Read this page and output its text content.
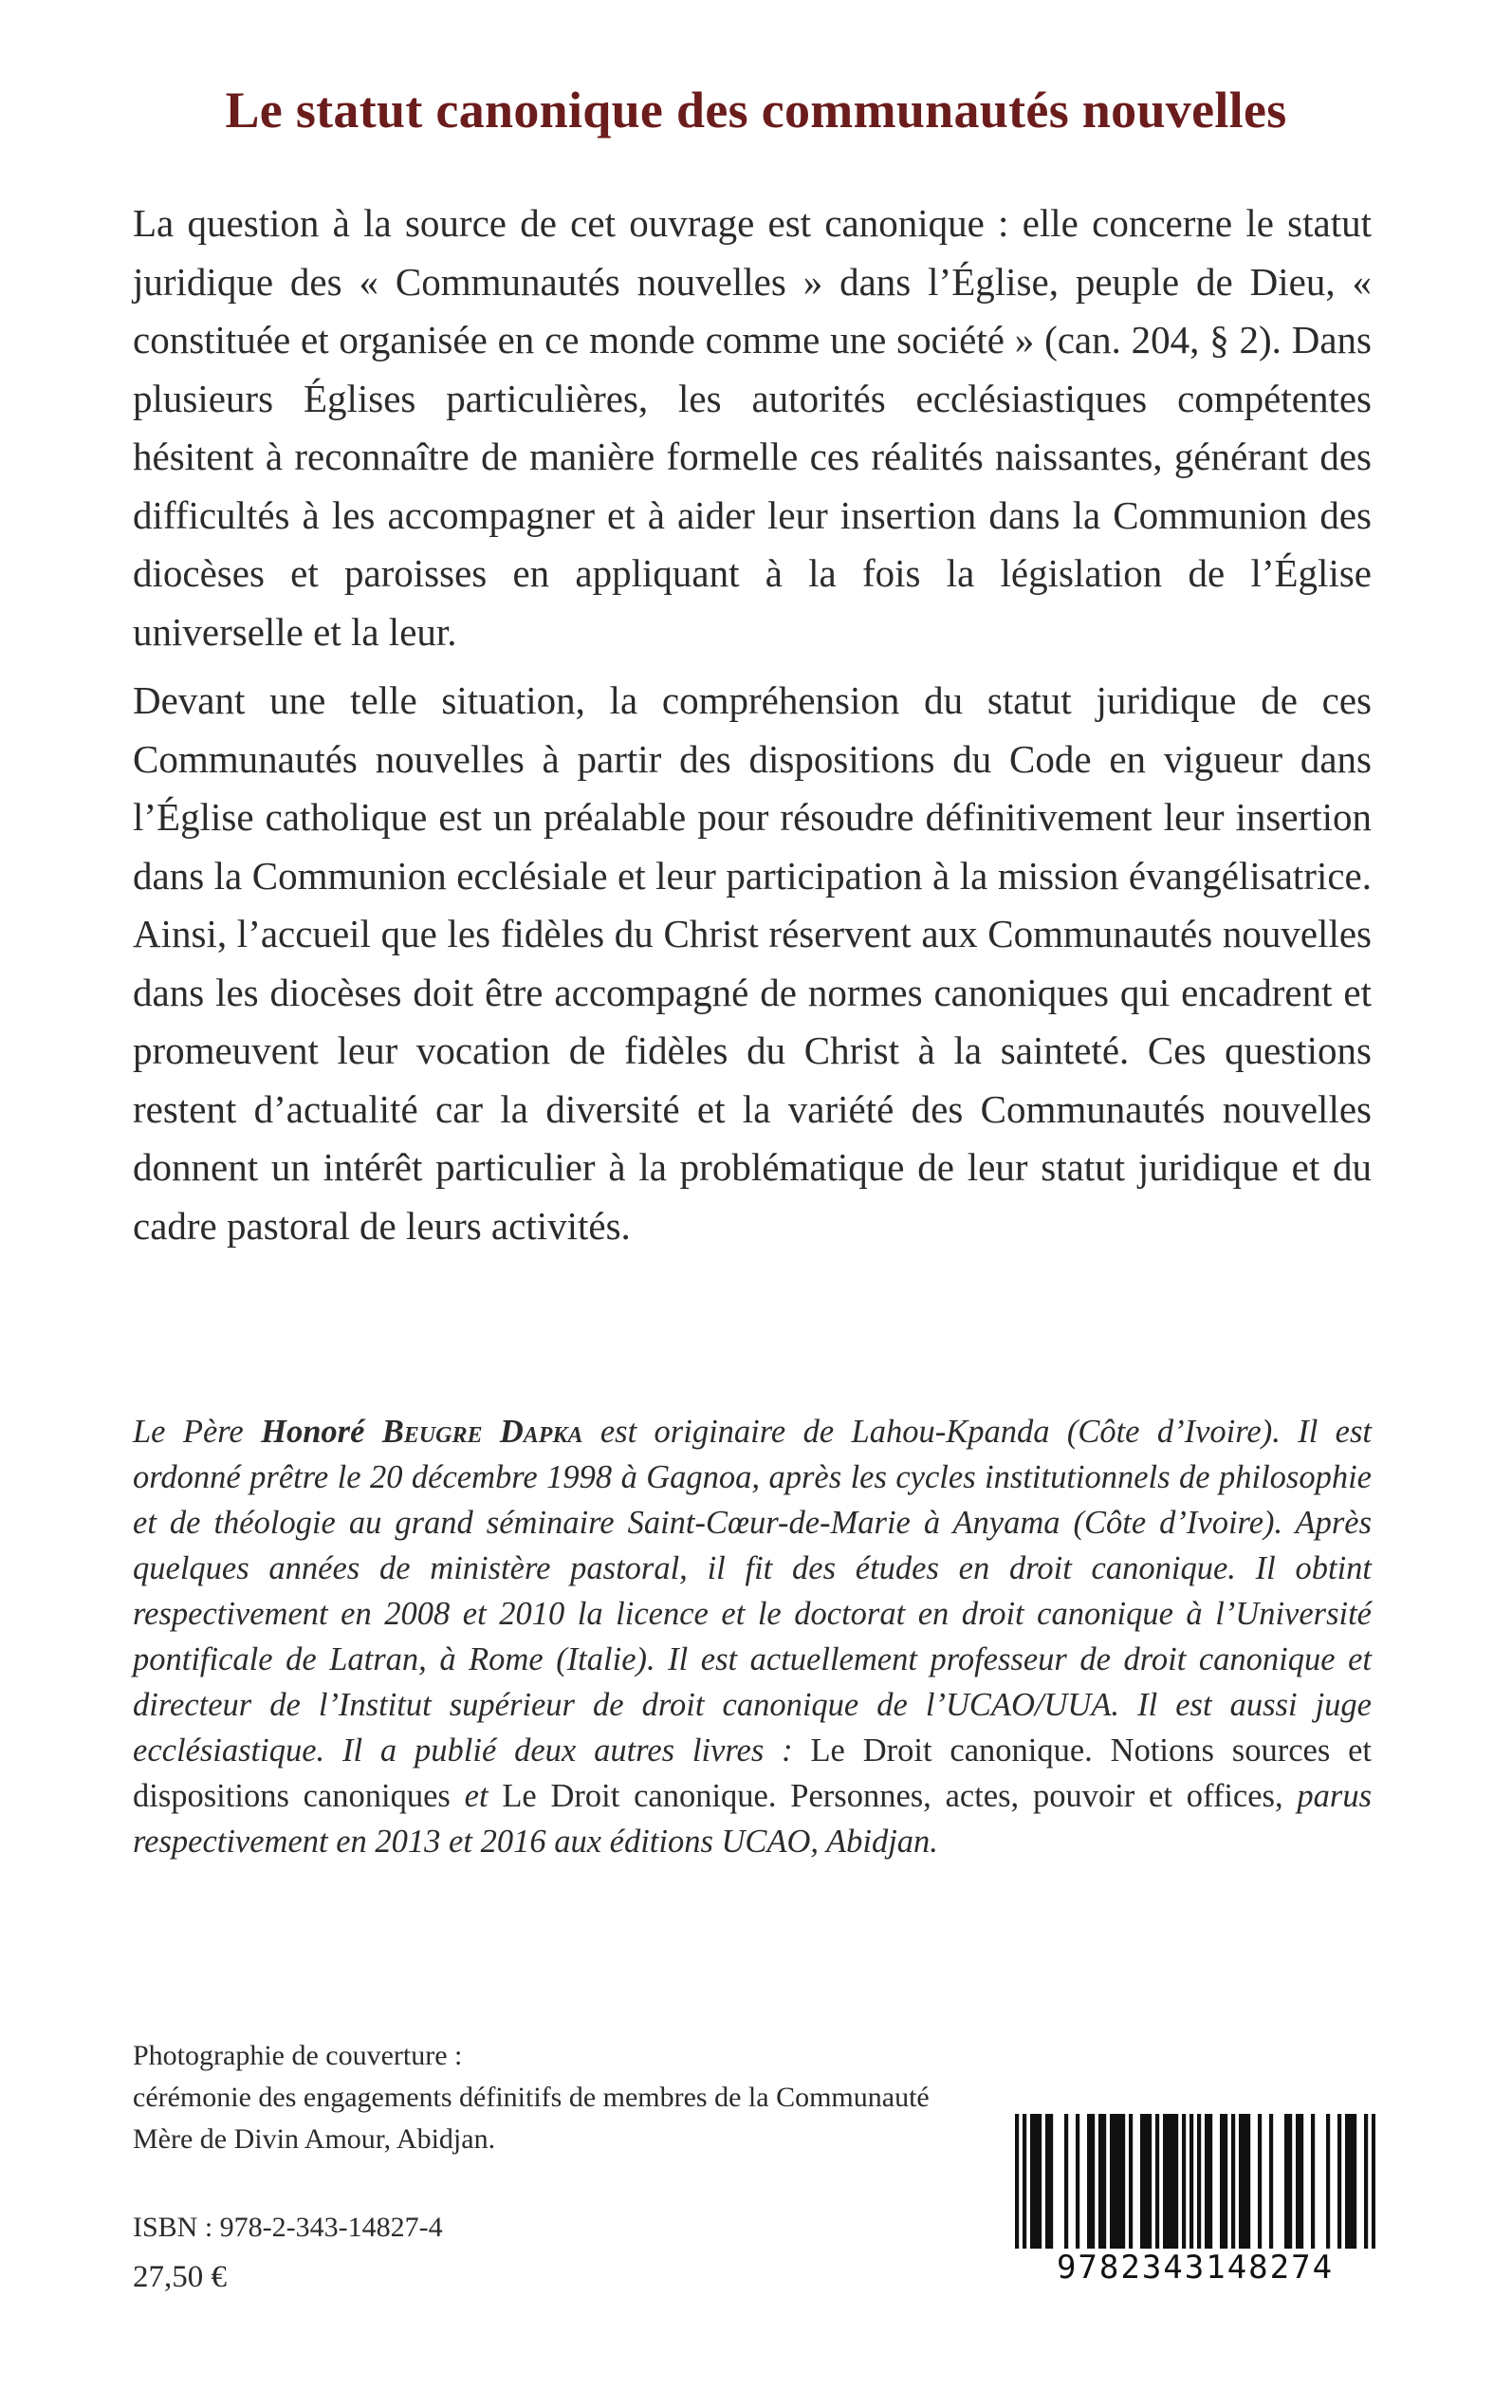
Le statut canonique des communautés nouvelles

La question à la source de cet ouvrage est canonique : elle concerne le statut juridique des « Communautés nouvelles » dans l’Église, peuple de Dieu, « constituée et organisée en ce monde comme une société » (can. 204, § 2). Dans plusieurs Églises particulières, les autorités ecclésiastiques compétentes hésitent à reconnaître de manière formelle ces réalités naissantes, générant des difficultés à les accompagner et à aider leur insertion dans la Communion des diocèses et paroisses en appliquant à la fois la législation de l’Église universelle et la leur.

Devant une telle situation, la compréhension du statut juridique de ces Communautés nouvelles à partir des dispositions du Code en vigueur dans l’Église catholique est un préalable pour résoudre définitivement leur insertion dans la Communion ecclésiale et leur participation à la mission évangélisatrice. Ainsi, l’accueil que les fidèles du Christ réservent aux Communautés nouvelles dans les diocèses doit être accompagné de normes canoniques qui encadrent et promeuvent leur vocation de fidèles du Christ à la sainteté. Ces questions restent d’actualité car la diversité et la variété des Communautés nouvelles donnent un intérêt particulier à la problématique de leur statut juridique et du cadre pastoral de leurs activités.

Le Père Honoré Beugre Dapka est originaire de Lahou-Kpanda (Côte d’Ivoire). Il est ordonné prêtre le 20 décembre 1998 à Gagnoa, après les cycles institutionnels de philosophie et de théologie au grand séminaire Saint-Cœur-de-Marie à Anyama (Côte d’Ivoire). Après quelques années de ministère pastoral, il fit des études en droit canonique. Il obtint respectivement en 2008 et 2010 la licence et le doctorat en droit canonique à l’Université pontificale de Latran, à Rome (Italie). Il est actuellement professeur de droit canonique et directeur de l’Institut supérieur de droit canonique de l’UCAO/UUA. Il est aussi juge ecclésiastique. Il a publié deux autres livres : Le Droit canonique. Notions sources et dispositions canoniques et Le Droit canonique. Personnes, actes, pouvoir et offices, parus respectivement en 2013 et 2016 aux éditions UCAO, Abidjan.

Photographie de couverture :
cérémonie des engagements définitifs de membres de la Communauté
Mère de Divin Amour, Abidjan.
ISBN : 978-2-343-14827-4
27,50 €	9782343148274
